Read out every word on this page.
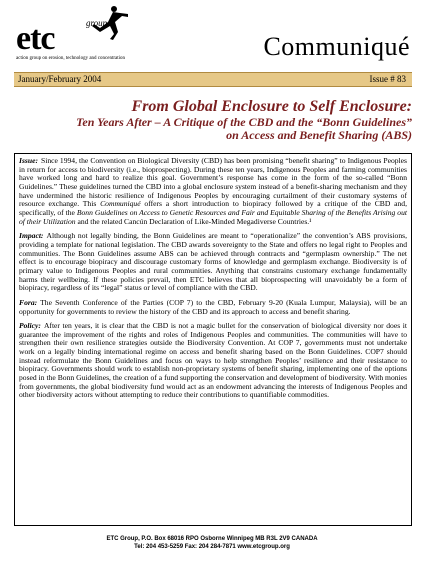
etc	group
action group on erosion, technology and concentration	Communiqué
January/February 2004	Issue # 83
From Global Enclosure to Self Enclosure:
Ten Years After – A Critique of the CBD and the “Bonn Guidelines”
on Access and Benefit Sharing (ABS)

Issue: Since 1994, the Convention on Biological Diversity (CBD) has been promising “benefit sharing” to Indigenous Peoples in return for access to biodiversity (i.e., bioprospecting). During these ten years, Indigenous Peoples and farming communities have worked long and hard to realize this goal. Government’s response has come in the form of the so-called “Bonn Guidelines.” These guidelines turned the CBD into a global enclosure system instead of a benefit-sharing mechanism and they have undermined the historic resilience of Indigenous Peoples by encouraging curtailment of their customary systems of resource exchange. This Communiqué offers a short introduction to biopiracy followed by a critique of the CBD and, specifically, of the Bonn Guidelines on Access to Genetic Resources and Fair and Equitable Sharing of the Benefits Arising out of their Utilization and the related Cancún Declaration of Like-Minded Megadiverse Countries.¹

Impact: Although not legally binding, the Bonn Guidelines are meant to “operationalize” the convention’s ABS provisions, providing a template for national legislation. The CBD awards sovereignty to the State and offers no legal right to Peoples and communities. The Bonn Guidelines assume ABS can be achieved through contracts and “germplasm ownership.” The net effect is to encourage biopiracy and discourage customary forms of knowledge and germplasm exchange. Biodiversity is of primary value to Indigenous Peoples and rural communities. Anything that constrains customary exchange fundamentally harms their wellbeing. If these policies prevail, then ETC believes that all bioprospecting will unavoidably be a form of biopiracy, regardless of its “legal” status or level of compliance with the CBD.

Fora: The Seventh Conference of the Parties (COP 7) to the CBD, February 9-20 (Kuala Lumpur, Malaysia), will be an opportunity for governments to review the history of the CBD and its approach to access and benefit sharing.

Policy: After ten years, it is clear that the CBD is not a magic bullet for the conservation of biological diversity nor does it guarantee the improvement of the rights and roles of Indigenous Peoples and communities. The communities will have to strengthen their own resilience strategies outside the Biodiversity Convention. At COP 7, governments must not undertake work on a legally binding international regime on access and benefit sharing based on the Bonn Guidelines. COP7 should instead reformulate the Bonn Guidelines and focus on ways to help strengthen Peoples’ resilience and their resistance to biopiracy. Governments should work to establish non-proprietary systems of benefit sharing, implementing one of the options posed in the Bonn Guidelines, the creation of a fund supporting the conservation and development of biodiversity. With monies from governments, the global biodiversity fund would act as an endowment advancing the interests of Indigenous Peoples and other biodiversity actors without attempting to reduce their contributions to quantifiable commodities.

ETC Group, P.O. Box 68016 RPO Osborne Winnipeg MB R3L 2V9 CANADA
Tel: 204 453-5259 Fax: 204 284-7871 www.etcgroup.org
